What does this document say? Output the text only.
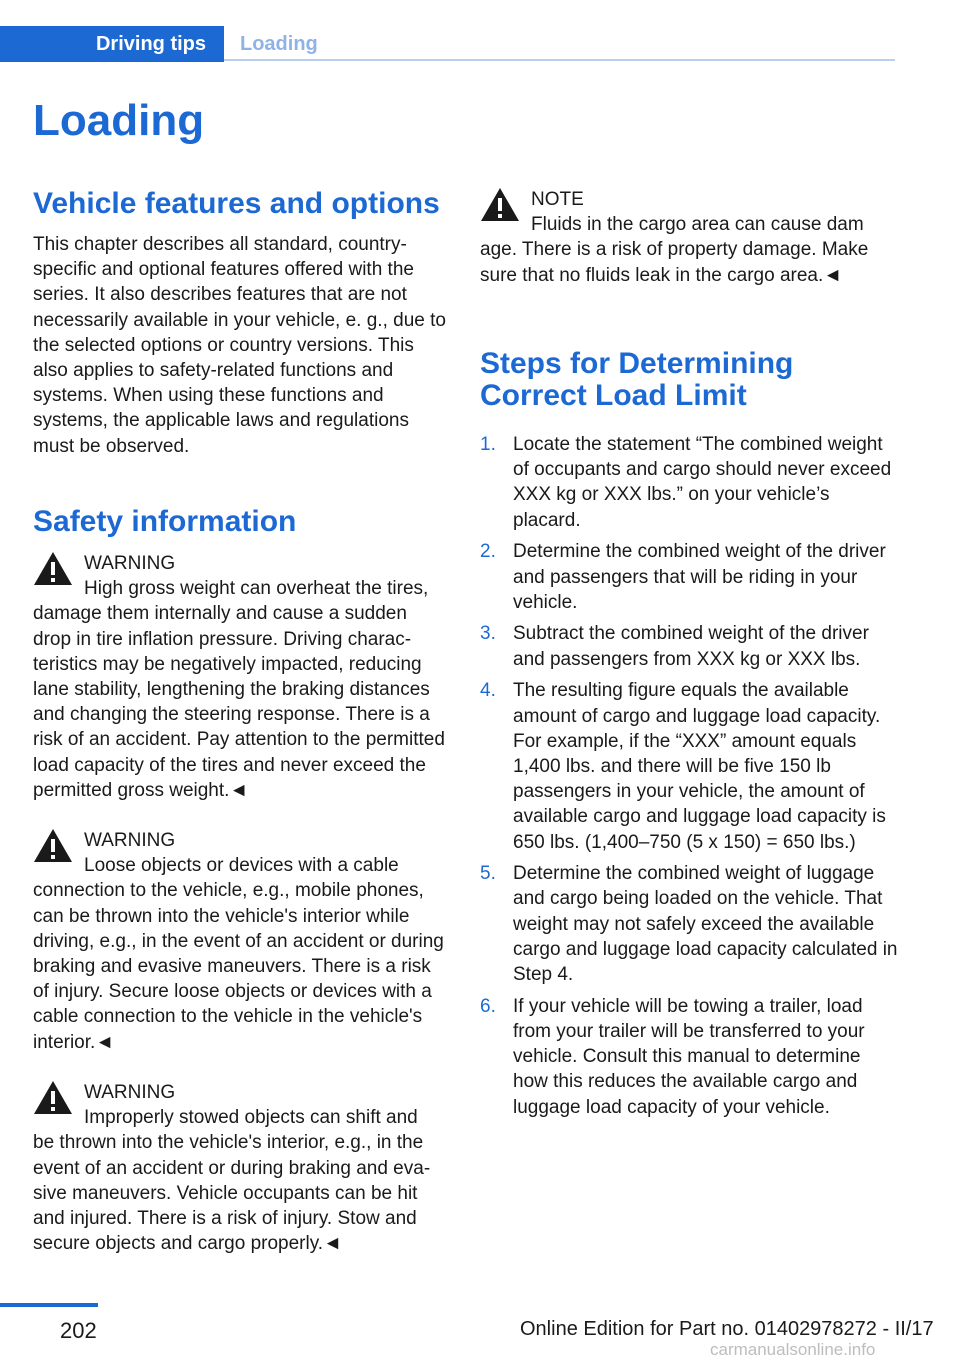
Driving tips	Loading
Loading
Vehicle features and options

This chapter describes all standard, country-specific and optional features offered with the series. It also describes features that are not necessarily available in your vehicle, e. g., due to the selected options or country versions. This also applies to safety-related functions and systems. When using these functions and systems, the applicable laws and regulations must be observed.

Safety information
WARNING
High gross weight can overheat the tires,
damage them internally and cause a sudden drop in tire inflation pressure. Driving characteristics may be negatively impacted, reducing lane stability, lengthening the braking distances and changing the steering response. There is a risk of an accident. Pay attention to the permitted load capacity of the tires and never exceed the permitted gross weight.◄
WARNING
Loose objects or devices with a cable
connection to the vehicle, e.g., mobile phones, can be thrown into the vehicle's interior while driving, e.g., in the event of an accident or during braking and evasive maneuvers. There is a risk of injury. Secure loose objects or devices with a cable connection to the vehicle in the vehicle's interior.◄
WARNING
Improperly stowed objects can shift and
be thrown into the vehicle's interior, e.g., in the event of an accident or during braking and evasive maneuvers. Vehicle occupants can be hit and injured. There is a risk of injury. Stow and secure objects and cargo properly.◄
NOTE
Fluids in the cargo area can cause dam
age. There is a risk of property damage. Make sure that no fluids leak in the cargo area.◄
Steps for Determining
Correct Load Limit
1. Locate the statement “The combined weight of occupants and cargo should never exceed XXX kg or XXX lbs.” on your vehicle’s placard.
2. Determine the combined weight of the driver and passengers that will be riding in your vehicle.
3. Subtract the combined weight of the driver and passengers from XXX kg or XXX lbs.
4. The resulting figure equals the available amount of cargo and luggage load capacity. For example, if the “XXX” amount equals 1,400 lbs. and there will be five 150 lb passengers in your vehicle, the amount of available cargo and luggage load capacity is 650 lbs. (1,400–750 (5 x 150) = 650 lbs.)
5. Determine the combined weight of luggage and cargo being loaded on the vehicle. That weight may not safely exceed the available cargo and luggage load capacity calculated in Step 4.
6. If your vehicle will be towing a trailer, load from your trailer will be transferred to your vehicle. Consult this manual to determine how this reduces the available cargo and luggage load capacity of your vehicle.
202	Online Edition for Part no. 01402978272 - II/17
carmanualsonline.info
